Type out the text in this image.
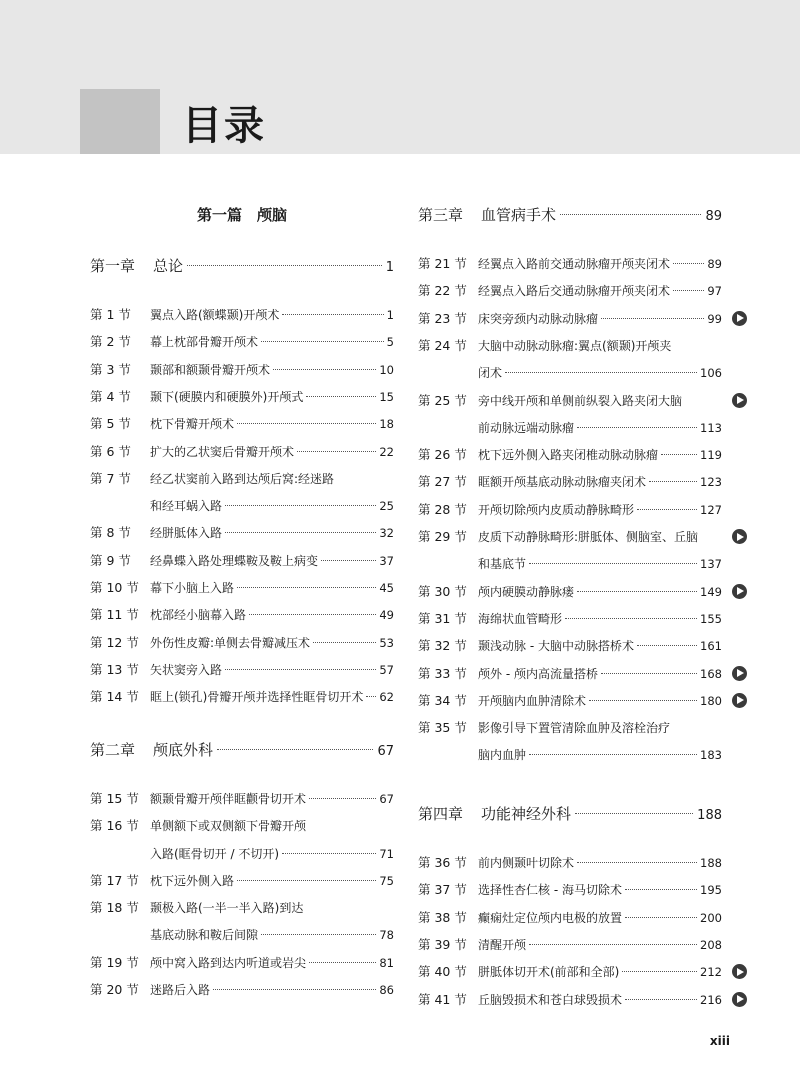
目录
第一篇　颅脑
第一章 总论	1
第 1 节 翼点入路(额蝶颞)开颅术	1
第 2 节 幕上枕部骨瓣开颅术	5
第 3 节 颞部和额颞骨瓣开颅术	10
第 4 节 颞下(硬膜内和硬膜外)开颅式	15
第 5 节 枕下骨瓣开颅术	18
第 6 节 扩大的乙状窦后骨瓣开颅术	22
第 7 节 经乙状窦前入路到达颅后窝:经迷路
和经耳蜗入路	25
第 8 节 经胼胝体入路	32
第 9 节 经鼻蝶入路处理蝶鞍及鞍上病变	37
第 10 节 幕下小脑上入路	45
第 11 节 枕部经小脑幕入路	49
第 12 节 外伤性皮瓣:单侧去骨瓣减压术	53
第 13 节 矢状窦旁入路	57
第 14 节 眶上(锁孔)骨瓣开颅并选择性眶骨切开术 62
第二章 颅底外科	67
第 15 节 额颞骨瓣开颅伴眶颧骨切开术	67
第 16 节 单侧额下或双侧额下骨瓣开颅
入路(眶骨切开 / 不切开)	71
第 17 节 枕下远外侧入路	75
第 18 节 颞极入路(一半一半入路)到达
基底动脉和鞍后间隙	78
第 19 节 颅中窝入路到达内听道或岩尖	81
第 20 节 迷路后入路	86
第三章 血管病手术	89
第 21 节 经翼点入路前交通动脉瘤开颅夹闭术	89
第 22 节 经翼点入路后交通动脉瘤开颅夹闭术	97
第 23 节 床突旁颈内动脉动脉瘤	99
第 24 节 大脑中动脉动脉瘤:翼点(额颞)开颅夹
闭术	106
第 25 节 旁中线开颅和单侧前纵裂入路夹闭大脑
前动脉远端动脉瘤	113
第 26 节 枕下远外侧入路夹闭椎动脉动脉瘤	119
第 27 节 眶额开颅基底动脉动脉瘤夹闭术	123
第 28 节 开颅切除颅内皮质动静脉畸形	127
第 29 节 皮质下动静脉畸形:胼胝体、侧脑室、丘脑
和基底节	137
第 30 节 颅内硬膜动静脉瘘	149
第 31 节 海绵状血管畸形	155
第 32 节 颞浅动脉 - 大脑中动脉搭桥术	161
第 33 节 颅外 - 颅内高流量搭桥	168
第 34 节 开颅脑内血肿清除术	180
第 35 节 影像引导下置管清除血肿及溶栓治疗
脑内血肿	183
第四章 功能神经外科	188
第 36 节 前内侧颞叶切除术	188
第 37 节 选择性杏仁核 - 海马切除术	195
第 38 节 癫痫灶定位颅内电极的放置	200
第 39 节 清醒开颅	208
第 40 节 胼胝体切开术(前部和全部)	212
第 41 节 丘脑毁损术和苍白球毁损术	216
xiii
